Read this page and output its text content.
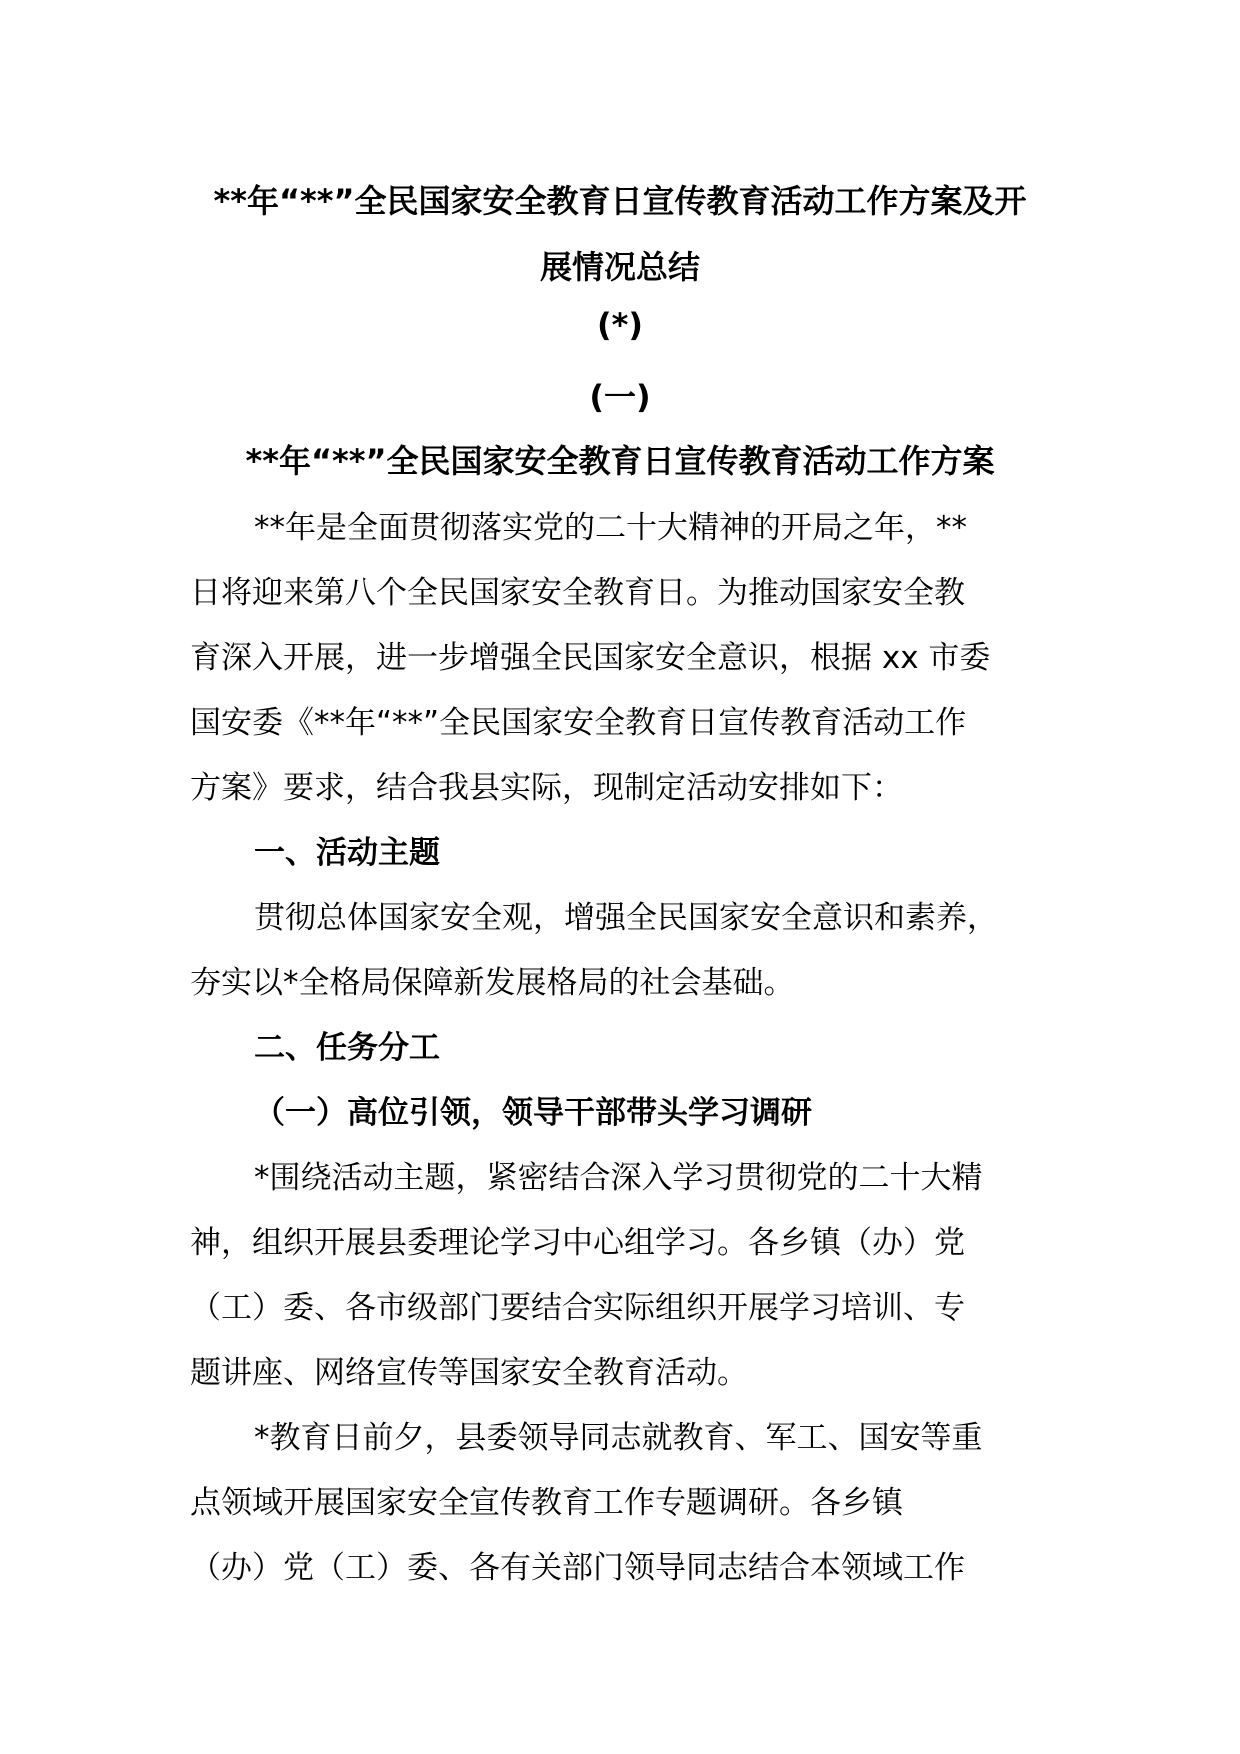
**年“**”全民国家安全教育日宣传教育活动工作方案及开
展情况总结
(*)
(一)
**年“**”全民国家安全教育日宣传教育活动工作方案
**年是全面贯彻落实党的二十大精神的开局之年，**
日将迎来第八个全民国家安全教育日。为推动国家安全教
育深入开展，进一步增强全民国家安全意识，根据 xx 市委
国安委《**年“**”全民国家安全教育日宣传教育活动工作
方案》要求，结合我县实际，现制定活动安排如下：
一、活动主题
贯彻总体国家安全观，增强全民国家安全意识和素养，
夯实以*全格局保障新发展格局的社会基础。
二、任务分工
（一）高位引领，领导干部带头学习调研
*围绕活动主题，紧密结合深入学习贯彻党的二十大精
神，组织开展县委理论学习中心组学习。各乡镇（办）党
（工）委、各市级部门要结合实际组织开展学习培训、专
题讲座、网络宣传等国家安全教育活动。
*教育日前夕，县委领导同志就教育、军工、国安等重
点领域开展国家安全宣传教育工作专题调研。各乡镇
（办）党（工）委、各有关部门领导同志结合本领域工作
